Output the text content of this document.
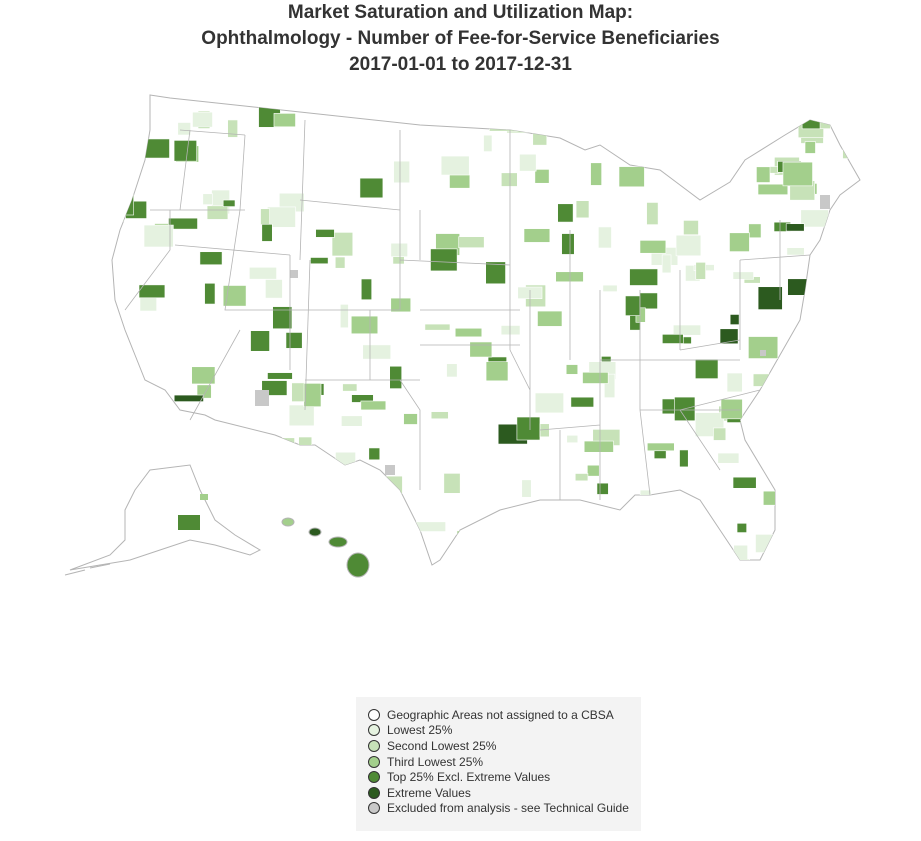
Market Saturation and Utilization Map:
Ophthalmology - Number of Fee-for-Service Beneficiaries
2017-01-01 to 2017-12-31
Geographic Areas not assigned to a CBSA
Lowest 25%
Second Lowest 25%
Third Lowest 25%
Top 25% Excl. Extreme Values
Extreme Values
Excluded from analysis - see Technical Guide
